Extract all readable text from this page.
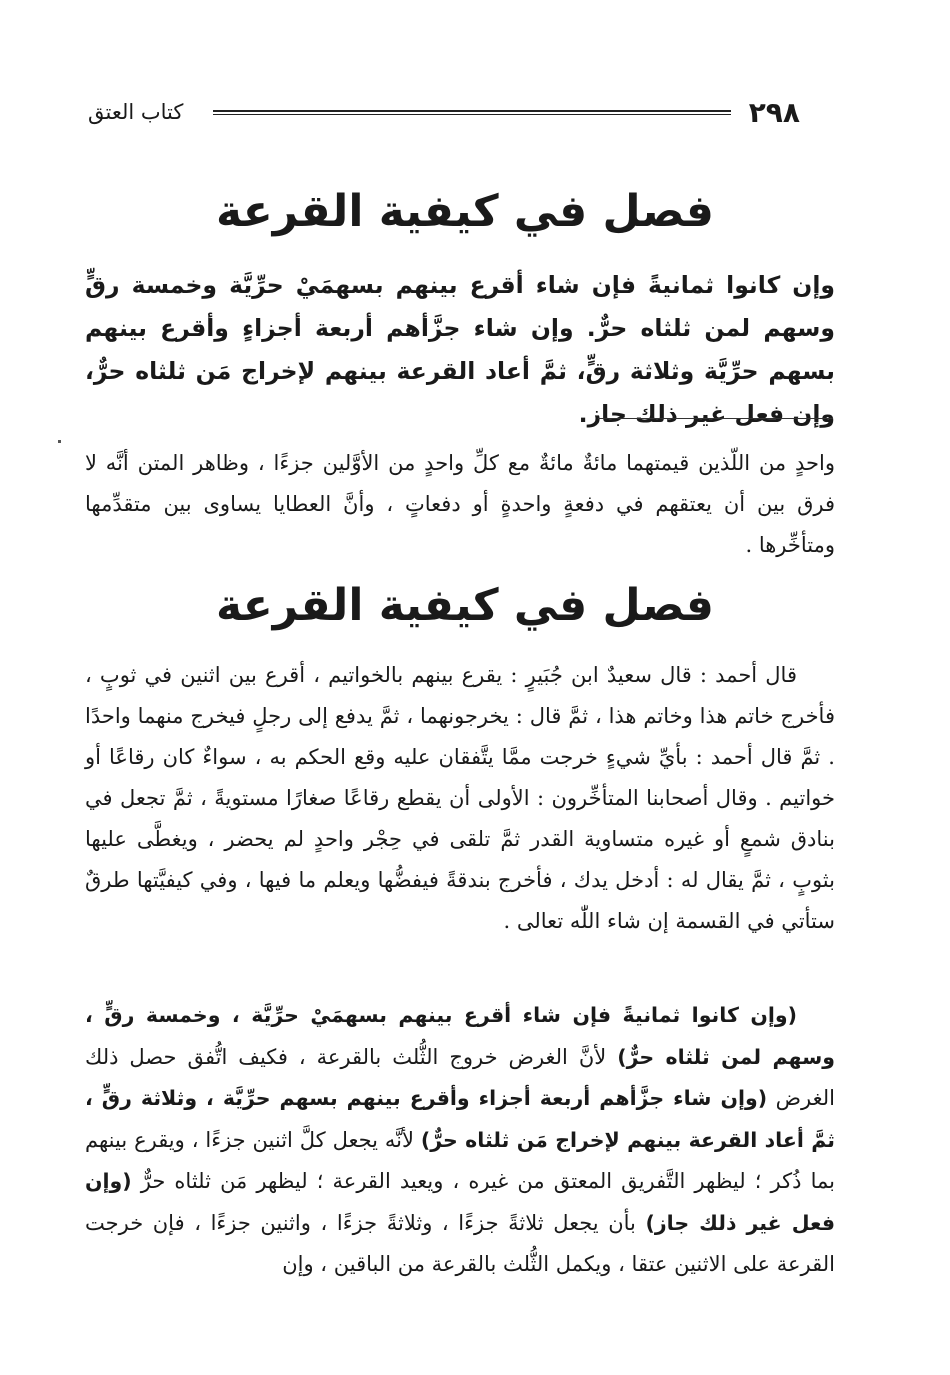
٢٩٨
كتاب العتق
فصل في كيفية القرعة
وإن كانوا ثمانيةً فإن شاء أقرع بينهم بسهمَيْ حرِّيَّة وخمسة رقٍّ وسهم لمن ثلثاه حرٌّ. وإن شاء جزَّأهم أربعة أجزاءٍ وأقرع بينهم بسهم حرِّيَّة وثلاثة رقٍّ، ثمَّ أعاد القرعة بينهم لإخراج مَن ثلثاه حرٌّ، وإن فعل غير ذلك جاز.

واحدٍ من اللّذين قيمتهما مائةٌ مائةٌ مع كلِّ واحدٍ من الأوَّلين جزءًا ، وظاهر المتن أنَّه لا فرق بين أن يعتقهم في دفعةٍ واحدةٍ أو دفعاتٍ ، وأنَّ العطايا يساوى بين متقدِّمها ومتأخِّرها .

فصل في كيفية القرعة

قال أحمد : قال سعيدٌ ابن جُبَيرٍ : يقرع بينهم بالخواتيم ، أقرع بين اثنين في ثوبٍ ، فأخرج خاتم هذا وخاتم هذا ، ثمَّ قال : يخرجونهما ، ثمَّ يدفع إلى رجلٍ فيخرج منهما واحدًا . ثمَّ قال أحمد : بأيِّ شيءٍ خرجت ممَّا يتَّفقان عليه وقع الحكم به ، سواءٌ كان رقاعًا أو خواتيم . وقال أصحابنا المتأخِّرون : الأولى أن يقطع رقاعًا صغارًا مستويةً ، ثمَّ تجعل في بنادق شمعٍ أو غيره متساوية القدر ثمَّ تلقى في حِجْر واحدٍ لم يحضر ، ويغطَّى عليها بثوبٍ ، ثمَّ يقال له : أدخل يدك ، فأخرج بندقةً فيفضُّها ويعلم ما فيها ، وفي كيفيَّتها طرقٌ ستأتي في القسمة إن شاء اللّٰه تعالى .

(وإن كانوا ثمانيةً فإن شاء أقرع بينهم بسهمَيْ حرِّيَّة ، وخمسة رقٍّ ، وسهم لمن ثلثاه حرٌّ) لأنَّ الغرض خروج الثُّلث بالقرعة ، فكيف اتُّفق حصل ذلك الغرض (وإن شاء جزَّأهم أربعة أجزاء وأقرع بينهم بسهم حرِّيَّة ، وثلاثة رقٍّ ، ثمَّ أعاد القرعة بينهم لإخراج مَن ثلثاه حرٌّ) لأنَّه يجعل كلَّ اثنين جزءًا ، ويقرع بينهم بما ذُكر ؛ ليظهر التَّفريق المعتق من غيره ، ويعيد القرعة ؛ ليظهر مَن ثلثاه حرٌّ (وإن فعل غير ذلك جاز) بأن يجعل ثلاثةً جزءًا ، وثلاثةً جزءًا ، واثنين جزءًا ، فإن خرجت القرعة على الاثنين عتقا ، ويكمل الثُّلث بالقرعة من الباقين ، وإن
